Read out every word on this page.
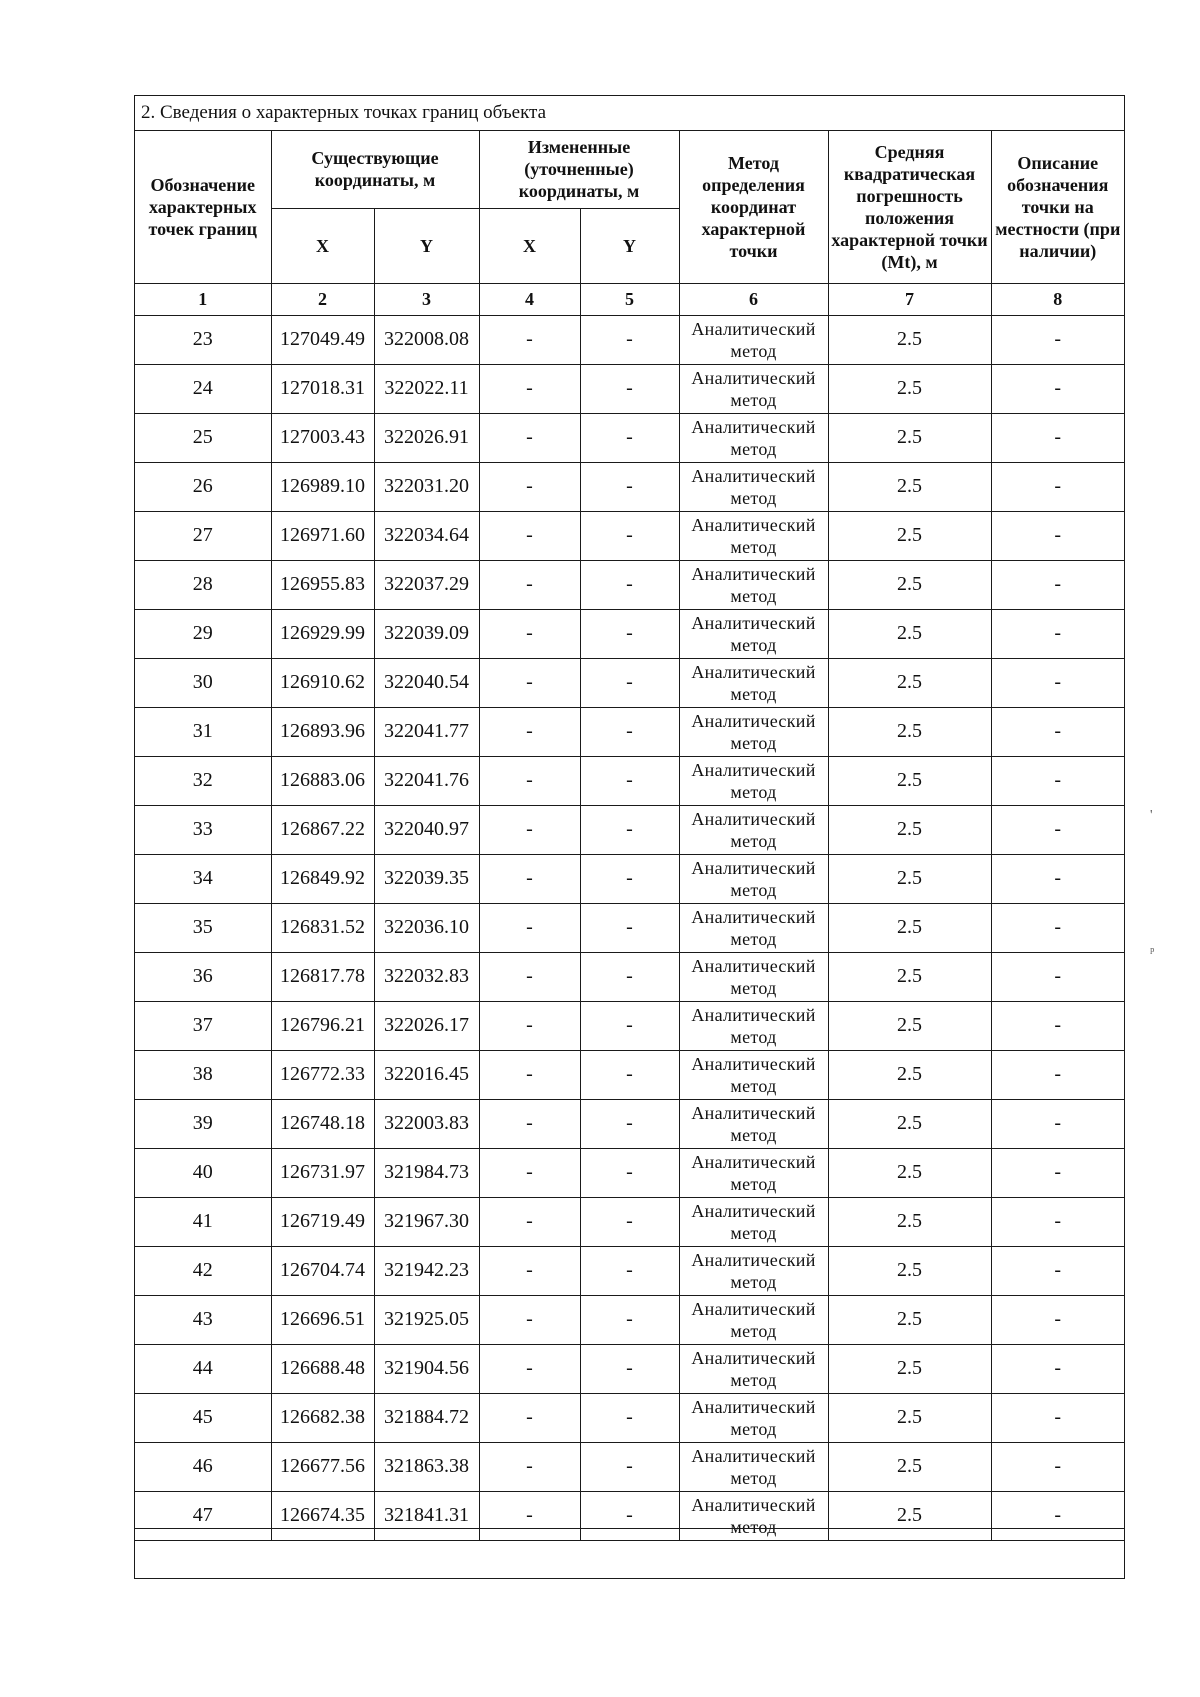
2. Сведения о характерных точках границ объекта
Обозначение характерных точек границ	Существующие координаты, м		Измененные (уточненные) координаты, м		Метод определения координат характерной точки	Средняя квадратическая погрешность положения характерной точки (Mt), м	Описание обозначения точки на местности (при наличии)
	X	Y	X	Y			
1	2	3	4	5	6	7	8
23	127049.49	322008.08	-	-	Аналитический метод	2.5	-
24	127018.31	322022.11	-	-	Аналитический метод	2.5	-
25	127003.43	322026.91	-	-	Аналитический метод	2.5	-
26	126989.10	322031.20	-	-	Аналитический метод	2.5	-
27	126971.60	322034.64	-	-	Аналитический метод	2.5	-
28	126955.83	322037.29	-	-	Аналитический метод	2.5	-
29	126929.99	322039.09	-	-	Аналитический метод	2.5	-
30	126910.62	322040.54	-	-	Аналитический метод	2.5	-
31	126893.96	322041.77	-	-	Аналитический метод	2.5	-
32	126883.06	322041.76	-	-	Аналитический метод	2.5	-
33	126867.22	322040.97	-	-	Аналитический метод	2.5	-
34	126849.92	322039.35	-	-	Аналитический метод	2.5	-
35	126831.52	322036.10	-	-	Аналитический метод	2.5	-
36	126817.78	322032.83	-	-	Аналитический метод	2.5	-
37	126796.21	322026.17	-	-	Аналитический метод	2.5	-
38	126772.33	322016.45	-	-	Аналитический метод	2.5	-
39	126748.18	322003.83	-	-	Аналитический метод	2.5	-
40	126731.97	321984.73	-	-	Аналитический метод	2.5	-
41	126719.49	321967.30	-	-	Аналитический метод	2.5	-
42	126704.74	321942.23	-	-	Аналитический метод	2.5	-
43	126696.51	321925.05	-	-	Аналитический метод	2.5	-
44	126688.48	321904.56	-	-	Аналитический метод	2.5	-
45	126682.38	321884.72	-	-	Аналитический метод	2.5	-
46	126677.56	321863.38	-	-	Аналитический метод	2.5	-
47	126674.35	321841.31	-	-	Аналитический метод	2.5	-
'
ᵖ
